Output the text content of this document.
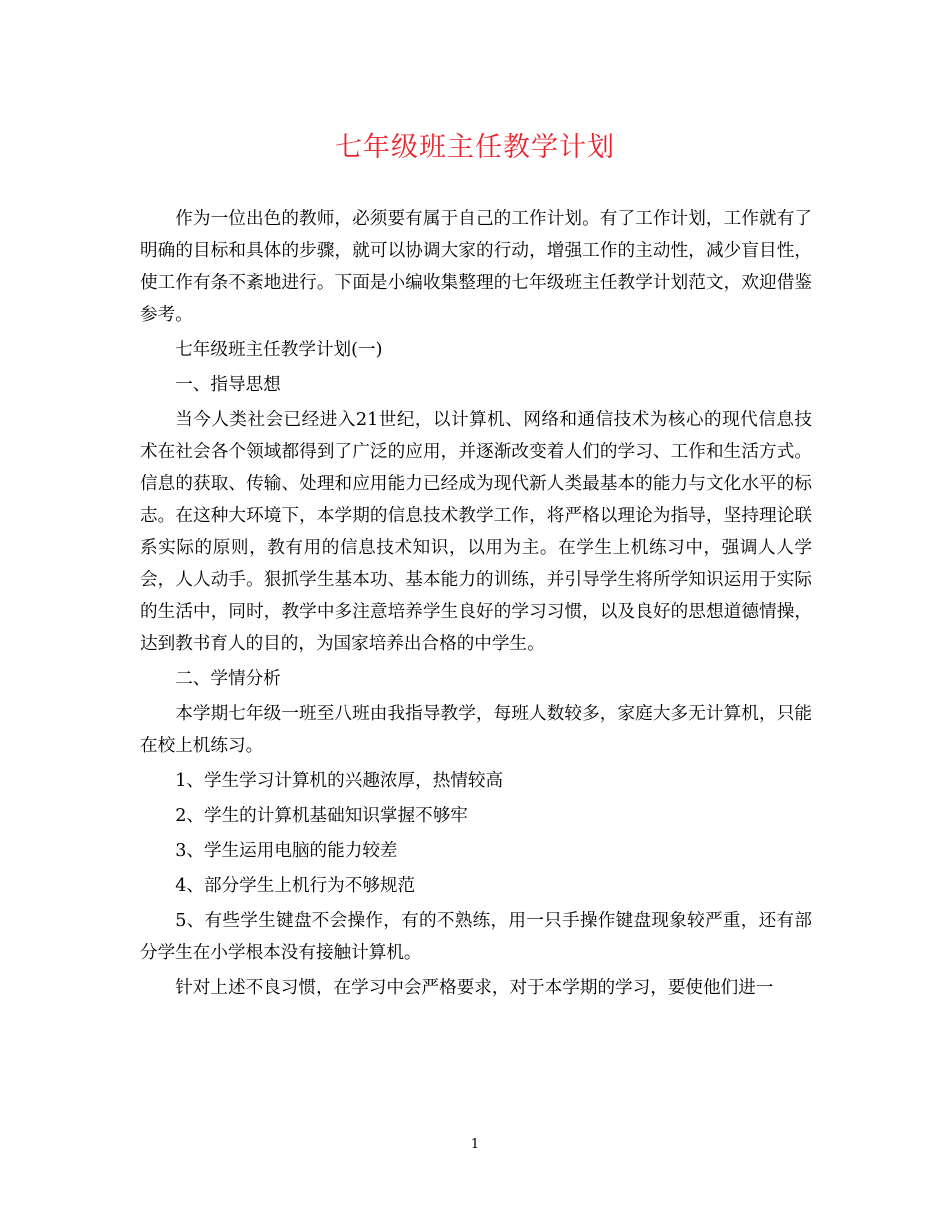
七年级班主任教学计划

作为一位出色的教师，必须要有属于自己的工作计划。有了工作计划，工作就有了明确的目标和具体的步骤，就可以协调大家的行动，增强工作的主动性，减少盲目性，使工作有条不紊地进行。下面是小编收集整理的七年级班主任教学计划范文，欢迎借鉴参考。

七年级班主任教学计划(一)

一、指导思想

当今人类社会已经进入21世纪，以计算机、网络和通信技术为核心的现代信息技术在社会各个领域都得到了广泛的应用，并逐渐改变着人们的学习、工作和生活方式。信息的获取、传输、处理和应用能力已经成为现代新人类最基本的能力与文化水平的标志。在这种大环境下，本学期的信息技术教学工作，将严格以理论为指导，坚持理论联系实际的原则，教有用的信息技术知识，以用为主。在学生上机练习中，强调人人学会，人人动手。狠抓学生基本功、基本能力的训练，并引导学生将所学知识运用于实际的生活中，同时，教学中多注意培养学生良好的学习习惯，以及良好的思想道德情操，达到教书育人的目的，为国家培养出合格的中学生。

二、学情分析

本学期七年级一班至八班由我指导教学，每班人数较多，家庭大多无计算机，只能在校上机练习。

1、学生学习计算机的兴趣浓厚，热情较高

2、学生的计算机基础知识掌握不够牢

3、学生运用电脑的能力较差

4、部分学生上机行为不够规范

5、有些学生键盘不会操作，有的不熟练，用一只手操作键盘现象较严重，还有部分学生在小学根本没有接触计算机。

针对上述不良习惯，在学习中会严格要求，对于本学期的学习，要使他们进一

1
